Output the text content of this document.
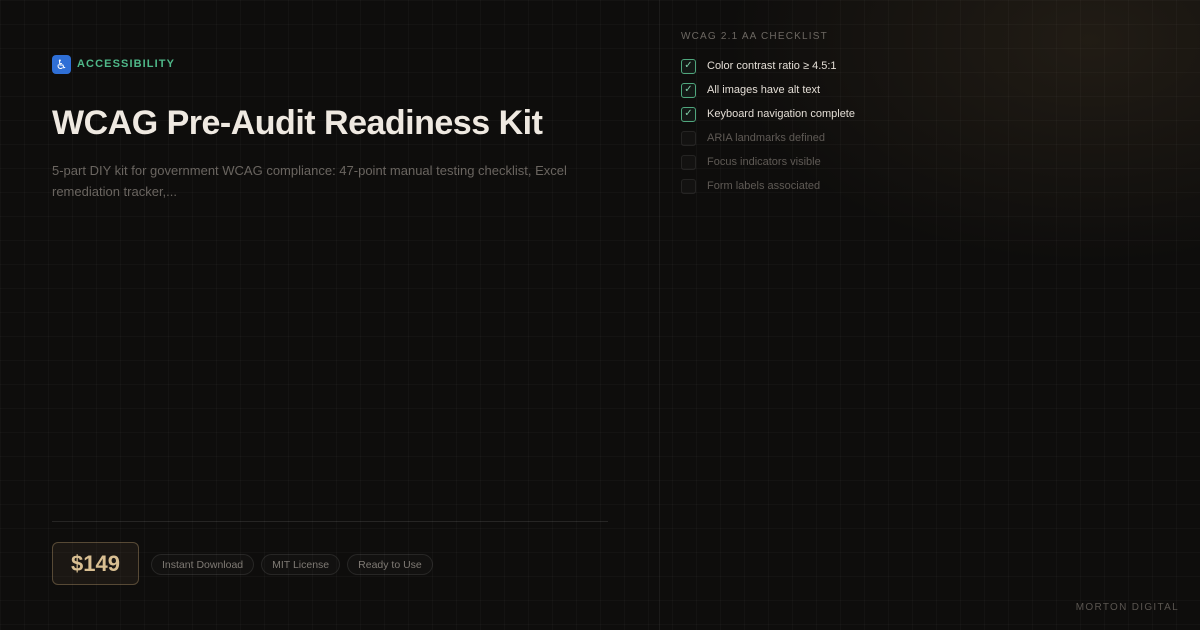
♿ ACCESSIBILITY
WCAG Pre-Audit Readiness Kit

5-part DIY kit for government WCAG compliance: 47-point manual testing checklist, Excel remediation tracker,...

$149	Instant Download	MIT License	Ready to Use
WCAG 2.1 AA CHECKLIST
✓	Color contrast ratio ≥ 4.5:1
✓	All images have alt text
✓	Keyboard navigation complete
ARIA landmarks defined
Focus indicators visible
Form labels associated
MORTON DIGITAL
